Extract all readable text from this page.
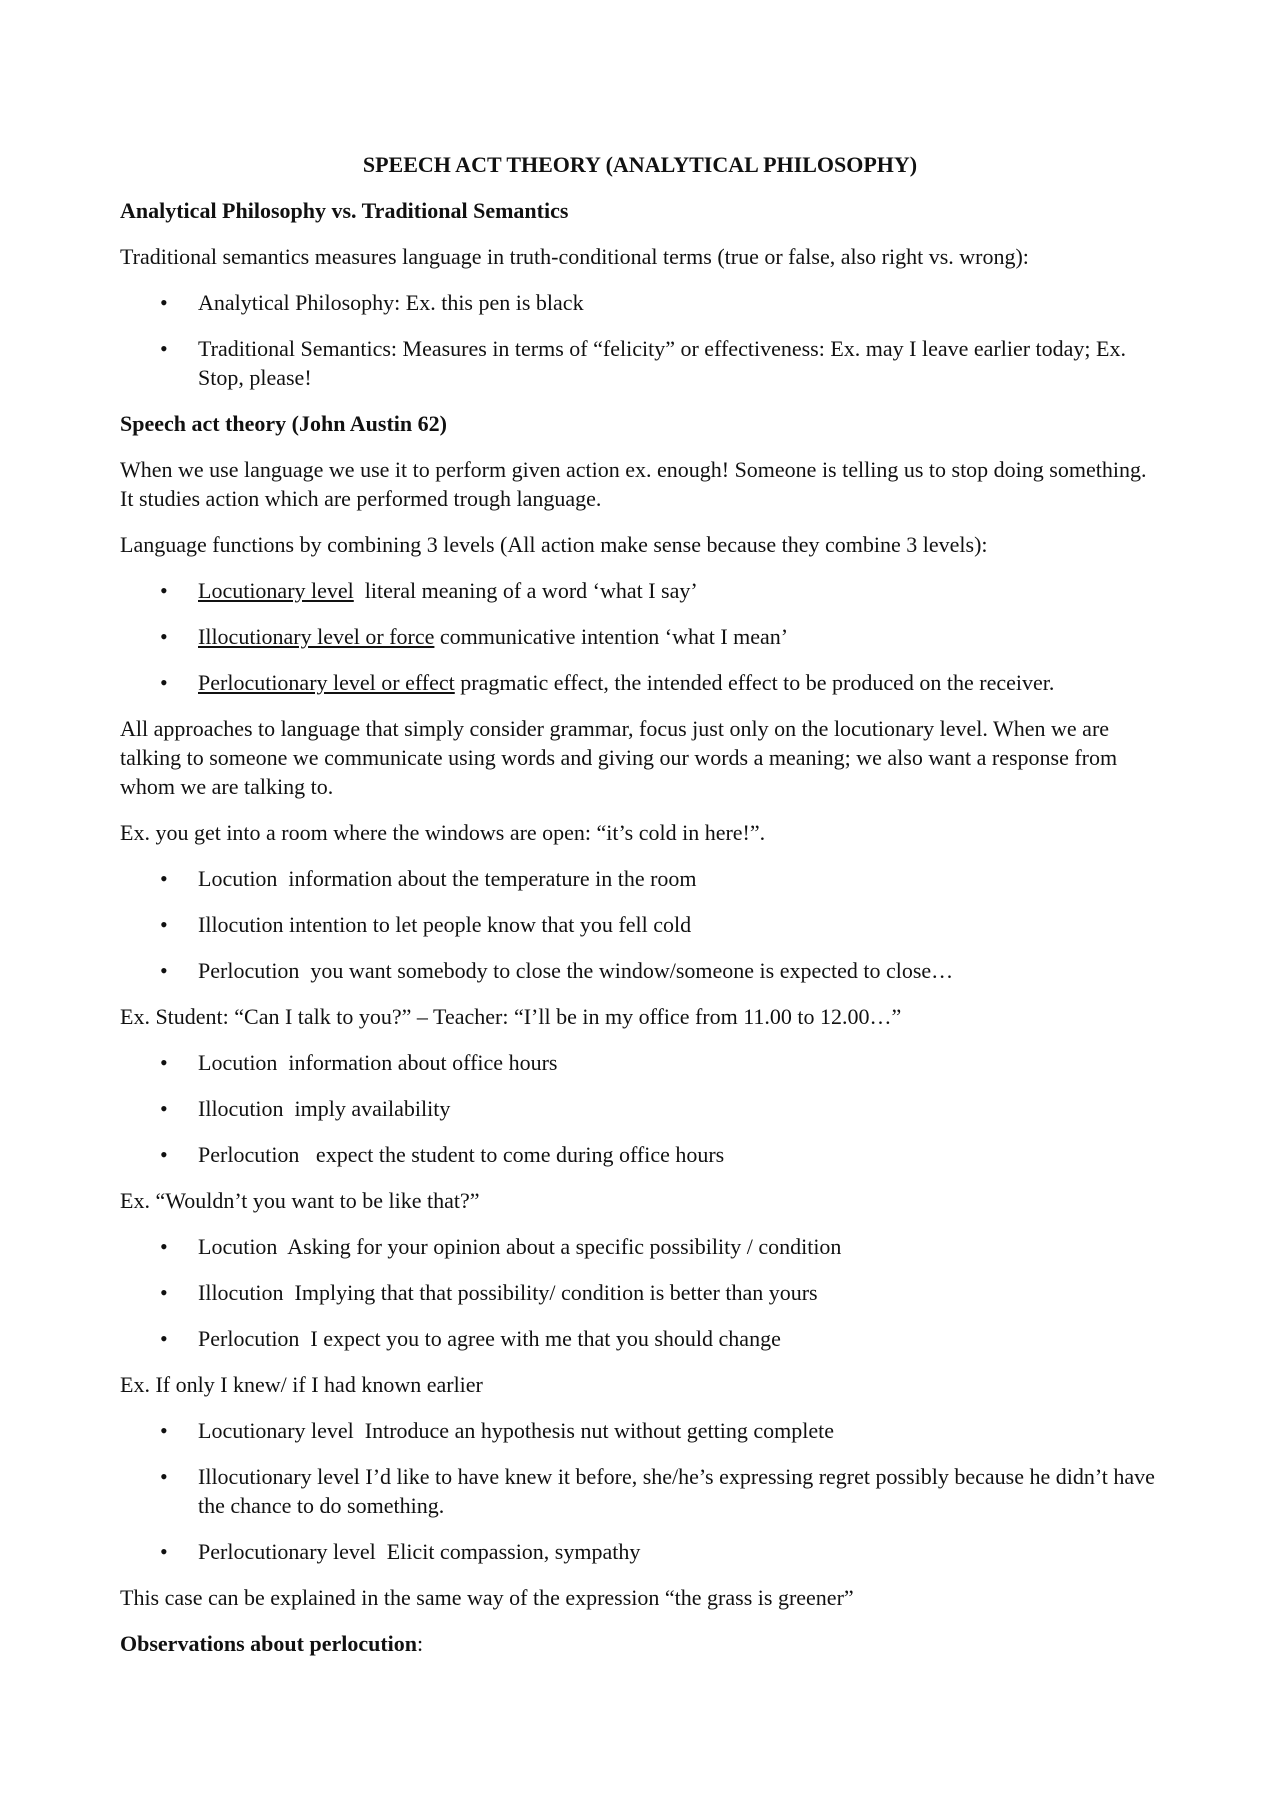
SPEECH ACT THEORY (ANALYTICAL PHILOSOPHY)
Analytical Philosophy vs. Traditional Semantics

Traditional semantics measures language in truth-conditional terms (true or false, also right vs. wrong):

• Analytical Philosophy: Ex. this pen is black
• Traditional Semantics: Measures in terms of “felicity” or effectiveness: Ex. may I leave earlier today; Ex. Stop, please!
Speech act theory (John Austin 62)

When we use language we use it to perform given action ex. enough! Someone is telling us to stop doing something. It studies action which are performed trough language.

Language functions by combining 3 levels (All action make sense because they combine 3 levels):

• Locutionary level  literal meaning of a word ‘what I say’
• Illocutionary level or force communicative intention ‘what I mean’
• Perlocutionary level or effect pragmatic effect, the intended effect to be produced on the receiver.

All approaches to language that simply consider grammar, focus just only on the locutionary level. When we are talking to someone we communicate using words and giving our words a meaning; we also want a response from whom we are talking to.

Ex. you get into a room where the windows are open: “it’s cold in here!”.

• Locution  information about the temperature in the room
• Illocution intention to let people know that you fell cold
• Perlocution  you want somebody to close the window/someone is expected to close…

Ex. Student: “Can I talk to you?” – Teacher: “I’ll be in my office from 11.00 to 12.00…”

• Locution  information about office hours
• Illocution  imply availability
• Perlocution   expect the student to come during office hours

Ex. “Wouldn’t you want to be like that?”

• Locution  Asking for your opinion about a specific possibility / condition
• Illocution  Implying that that possibility/ condition is better than yours
• Perlocution  I expect you to agree with me that you should change

Ex. If only I knew/ if I had known earlier

• Locutionary level  Introduce an hypothesis nut without getting complete
• Illocutionary level I’d like to have knew it before, she/he’s expressing regret possibly because he didn’t have the chance to do something.
• Perlocutionary level  Elicit compassion, sympathy

This case can be explained in the same way of the expression “the grass is greener”

Observations about perlocution:
